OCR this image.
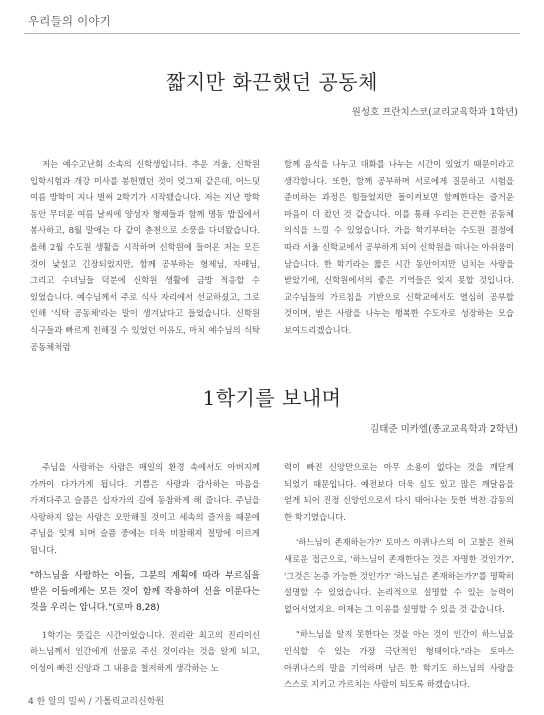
우리들의 이야기
짧지만 화끈했던 공동체
원성호 프란치스코(교리교육학과 1학년)

저는 예수고난회 소속의 신학생입니다. 추운 겨울, 신학원 입학시험과 개강 미사를 봉헌했던 것이 엊그제 같은데, 어느덧 여름 방학이 지나 벌써 2학기가 시작됐습니다. 저는 지난 방학 동안 무더운 여름 날씨에 양성자 형제들과 함께 명동 밥집에서 봉사하고, 8월 말에는 다 같이 춘천으로 소풍을 다녀왔습니다. 올해 2월 수도원 생활을 시작하며 신학원에 들어온 저는 모든 것이 낯설고 긴장되었지만, 함께 공부하는 형제님, 자매님, 그리고 수녀님들 덕분에 신학원 생활에 금방 적응할 수 있었습니다. 예수님께서 주로 식사 자리에서 선교하셨고, 그로 인해 '식탁 공동체'라는 말이 생겨났다고 들었습니다. 신학원 식구들과 빠르게 친해질 수 있었던 이유도, 마치 예수님의 식탁 공동체처럼

함께 음식을 나누고 대화를 나누는 시간이 있었기 때문이라고 생각합니다. 또한, 함께 공부하며 서로에게 질문하고 시험을 준비하는 과정은 힘들었지만 돌이켜보면 함께한다는 즐거운 마음이 더 컸던 것 같습니다. 이를 통해 우리는 끈끈한 공동체 의식을 느낄 수 있었습니다. 가을 학기부터는 수도원 결정에 따라 서울 신학교에서 공부하게 되어 신학원을 떠나는 아쉬움이 남습니다. 한 학기라는 짧은 시간 동안이지만 넘치는 사랑을 받았기에, 신학원에서의 좋은 기억들은 잊지 못할 것입니다. 교수님들의 가르침을 기반으로 신학교에서도 열심히 공부할 것이며, 받은 사랑을 나누는 행복한 수도자로 성장하는 모습 보여드리겠습니다.

1학기를 보내며
김태준 미카엘(종교교육학과 2학년)

주님을 사랑하는 사람은 매일의 환경 속에서도 아버지께 가까이 다가가게 됩니다. 기쁨은 사랑과 감사하는 마음을 가져다주고 슬픔은 십자가의 길에 동참하게 해 줍니다. 주님을 사랑하지 않는 사람은 오만해질 것이고 세속의 즐거움 때문에 주님을 잊게 되며 슬픔 중에는 더욱 비참해져 절망에 이르게 됩니다.

"하느님을 사랑하는 이들, 그분의 계획에 따라 부르심을 받은 이들에게는 모든 것이 함께 작용하여 선을 이룬다는 것을 우리는 압니다."(로마 8,28)

1학기는 뜻깊은 시간이었습니다. 진리란 최고의 진리이신 하느님께서 인간에게 선물로 주신 것이라는 것을 알게 되고, 이성이 빠진 신앙과 그 내용을 철저하게 생각하는 노

력이 빠진 신앙만으로는 아무 소용이 없다는 것을 깨닫게 되었기 때문입니다. 예전보다 더욱 심도 있고 많은 깨달음을 얻게 되어 진정 신앙인으로서 다시 태어나는 듯한 벅찬 감동의 한 학기였습니다.

'하느님이 존재하는가?' 토마스 아퀴나스의 이 고찰은 전혀 새로운 접근으로, '하느님이 존재한다는 것은 자명한 것인가?', '그것은 논증 가능한 것인가?' '하느님은 존재하는가?'를 명확히 설명할 수 있었습니다. 논리적으로 설명할 수 있는 능력이 없어서였지요. 이제는 그 이유를 설명할 수 있을 것 같습니다.

"하느님을 알지 못한다는 것을 아는 것이 인간이 하느님을 인식할 수 있는 가장 극단적인 형태이다."라는 토마스 아퀴나스의 말을 기억하며 남은 한 학기도 하느님의 사랑을 스스로 지키고 가르치는 사람이 되도록 하겠습니다.

4 한 알의 밀씨 / 가톨릭교리신학원
